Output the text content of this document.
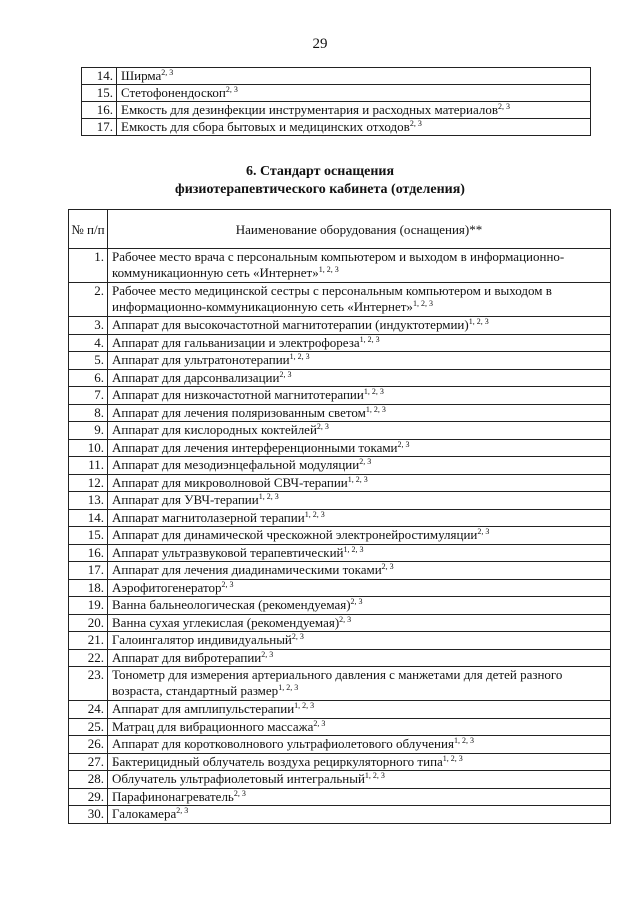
29
14.	Ширма$^{2, 3}$
15.	Стетофонендоскоп$^{2, 3}$
16.	Емкость для дезинфекции инструментария и расходных материалов$^{2, 3}$
17.	Емкость для сбора бытовых и медицинских отходов$^{2, 3}$
6. Стандарт оснащения
физиотерапевтического кабинета (отделения)
№ п/п	Наименование оборудования (оснащения)**
1.	Рабочее место врача с персональным компьютером и выходом в информационно-коммуникационную сеть «Интернет»$^{1, 2, 3}$
2.	Рабочее место медицинской сестры с персональным компьютером и выходом в информационно-коммуникационную сеть «Интернет»$^{1, 2, 3}$
3.	Аппарат для высокочастотной магнитотерапии (индуктотермии)$^{1, 2, 3}$
4.	Аппарат для гальванизации и электрофореза$^{1, 2, 3}$
5.	Аппарат для ультратонотерапии$^{1, 2, 3}$
6.	Аппарат для дарсонвализации$^{2, 3}$
7.	Аппарат для низкочастотной магнитотерапии$^{1, 2, 3}$
8.	Аппарат для лечения поляризованным светом$^{1, 2, 3}$
9.	Аппарат для кислородных коктейлей$^{2, 3}$
10.	Аппарат для лечения интерференционными токами$^{2, 3}$
11.	Аппарат для мезодиэнцефальной модуляции$^{2, 3}$
12.	Аппарат для микроволновой СВЧ-терапии$^{1, 2, 3}$
13.	Аппарат для УВЧ-терапии$^{1, 2, 3}$
14.	Аппарат магнитолазерной терапии$^{1, 2, 3}$
15.	Аппарат для динамической чрескожной электронейростимуляции$^{2, 3}$
16.	Аппарат ультразвуковой терапевтический$^{1, 2, 3}$
17.	Аппарат для лечения диадинамическими токами$^{2, 3}$
18.	Аэрофитогенератор$^{2, 3}$
19.	Ванна бальнеологическая (рекомендуемая)$^{2, 3}$
20.	Ванна сухая углекислая (рекомендуемая)$^{2, 3}$
21.	Галоингалятор индивидуальный$^{2, 3}$
22.	Аппарат для вибротерапии$^{2, 3}$
23.	Тонометр для измерения артериального давления с манжетами для детей разного возраста, стандартный размер$^{1, 2, 3}$
24.	Аппарат для амплипульстерапии$^{1, 2, 3}$
25.	Матрац для вибрационного массажа$^{2, 3}$
26.	Аппарат для коротковолнового ультрафиолетового облучения$^{1, 2, 3}$
27.	Бактерицидный облучатель воздуха рециркуляторного типа$^{1, 2, 3}$
28.	Облучатель ультрафиолетовый интегральный$^{1, 2, 3}$
29.	Парафинонагреватель$^{2, 3}$
30.	Галокамера$^{2, 3}$
